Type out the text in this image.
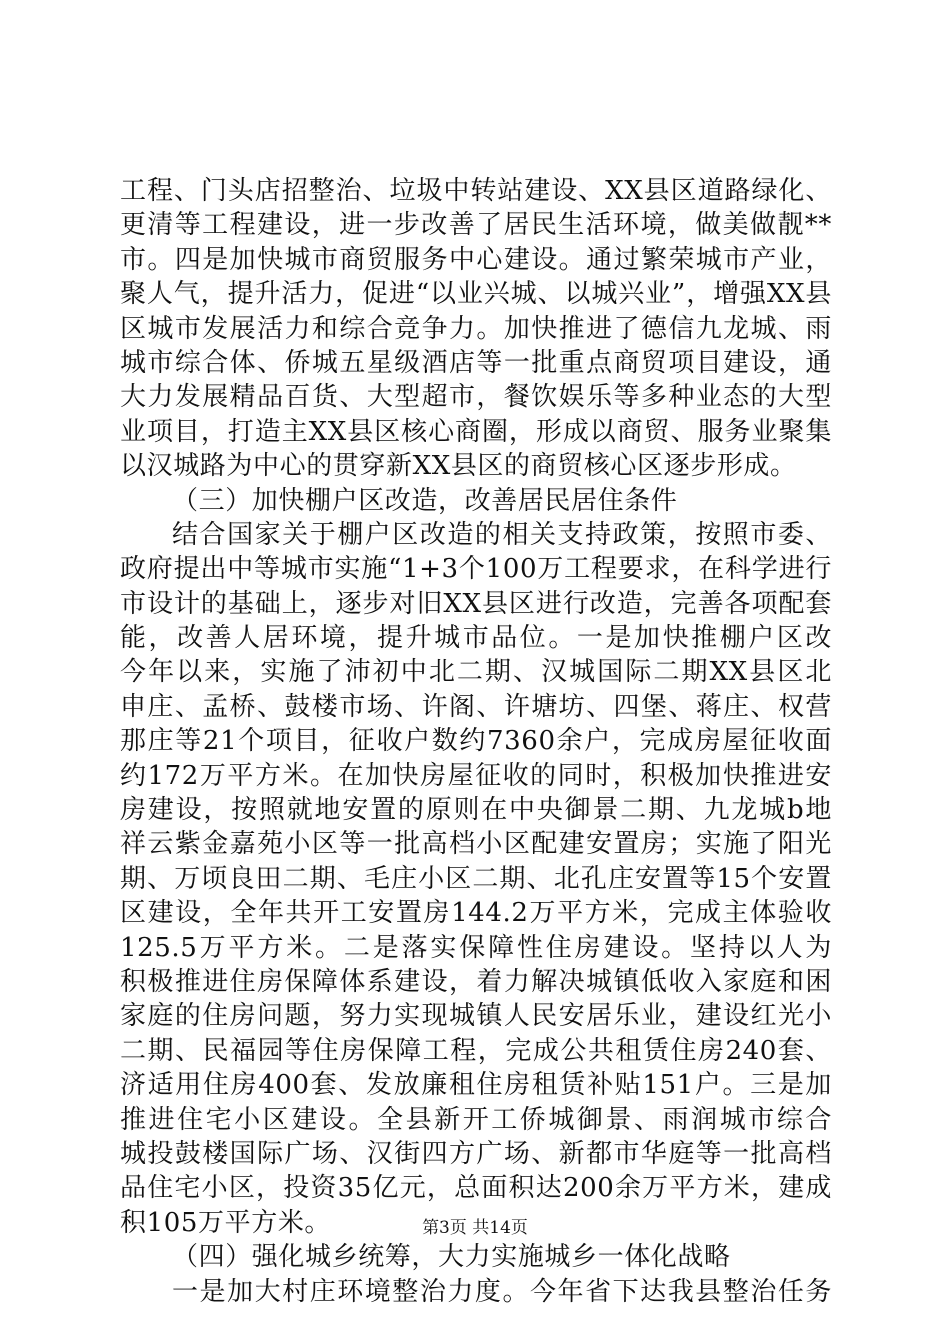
工程、门头店招整治、垃圾中转站建设、XX县区道路绿化、
更清等工程建设，进一步改善了居民生活环境，做美做靓**
市。四是加快城市商贸服务中心建设。通过繁荣城市产业，
聚人气，提升活力，促进“以业兴城、以城兴业”，增强XX县
区城市发展活力和综合竞争力。加快推进了德信九龙城、雨
城市综合体、侨城五星级酒店等一批重点商贸项目建设，通
大力发展精品百货、大型超市，餐饮娱乐等多种业态的大型
业项目，打造主XX县区核心商圈，形成以商贸、服务业聚集
以汉城路为中心的贯穿新XX县区的商贸核心区逐步形成。
（三）加快棚户区改造，改善居民居住条件
结合国家关于棚户区改造的相关支持政策，按照市委、
政府提出中等城市实施“1+3个100万工程要求，在科学进行
市设计的基础上，逐步对旧XX县区进行改造，完善各项配套
能，改善人居环境，提升城市品位。一是加快推棚户区改
今年以来，实施了沛初中北二期、汉城国际二期XX县区北
申庄、孟桥、鼓楼市场、许阁、许塘坊、四堡、蒋庄、权营
那庄等21个项目，征收户数约7360余户，完成房屋征收面
约172万平方米。在加快房屋征收的同时，积极加快推进安
房建设，按照就地安置的原则在中央御景二期、九龙城b地
祥云紫金嘉苑小区等一批高档小区配建安置房；实施了阳光
期、万顷良田二期、毛庄小区二期、北孔庄安置等15个安置
区建设，全年共开工安置房144.2万平方米，完成主体验收
125.5万平方米。二是落实保障性住房建设。坚持以人为
积极推进住房保障体系建设，着力解决城镇低收入家庭和困
家庭的住房问题，努力实现城镇人民安居乐业，建设红光小
二期、民福园等住房保障工程，完成公共租赁住房240套、
济适用住房400套、发放廉租住房租赁补贴151户。三是加
推进住宅小区建设。全县新开工侨城御景、雨润城市综合
城投鼓楼国际广场、汉街四方广场、新都市华庭等一批高档
品住宅小区，投资35亿元，总面积达200余万平方米，建成
积105万平方米。
（四）强化城乡统筹，大力实施城乡一体化战略
一是加大村庄环境整治力度。今年省下达我县整治任务
第3页 共14页
